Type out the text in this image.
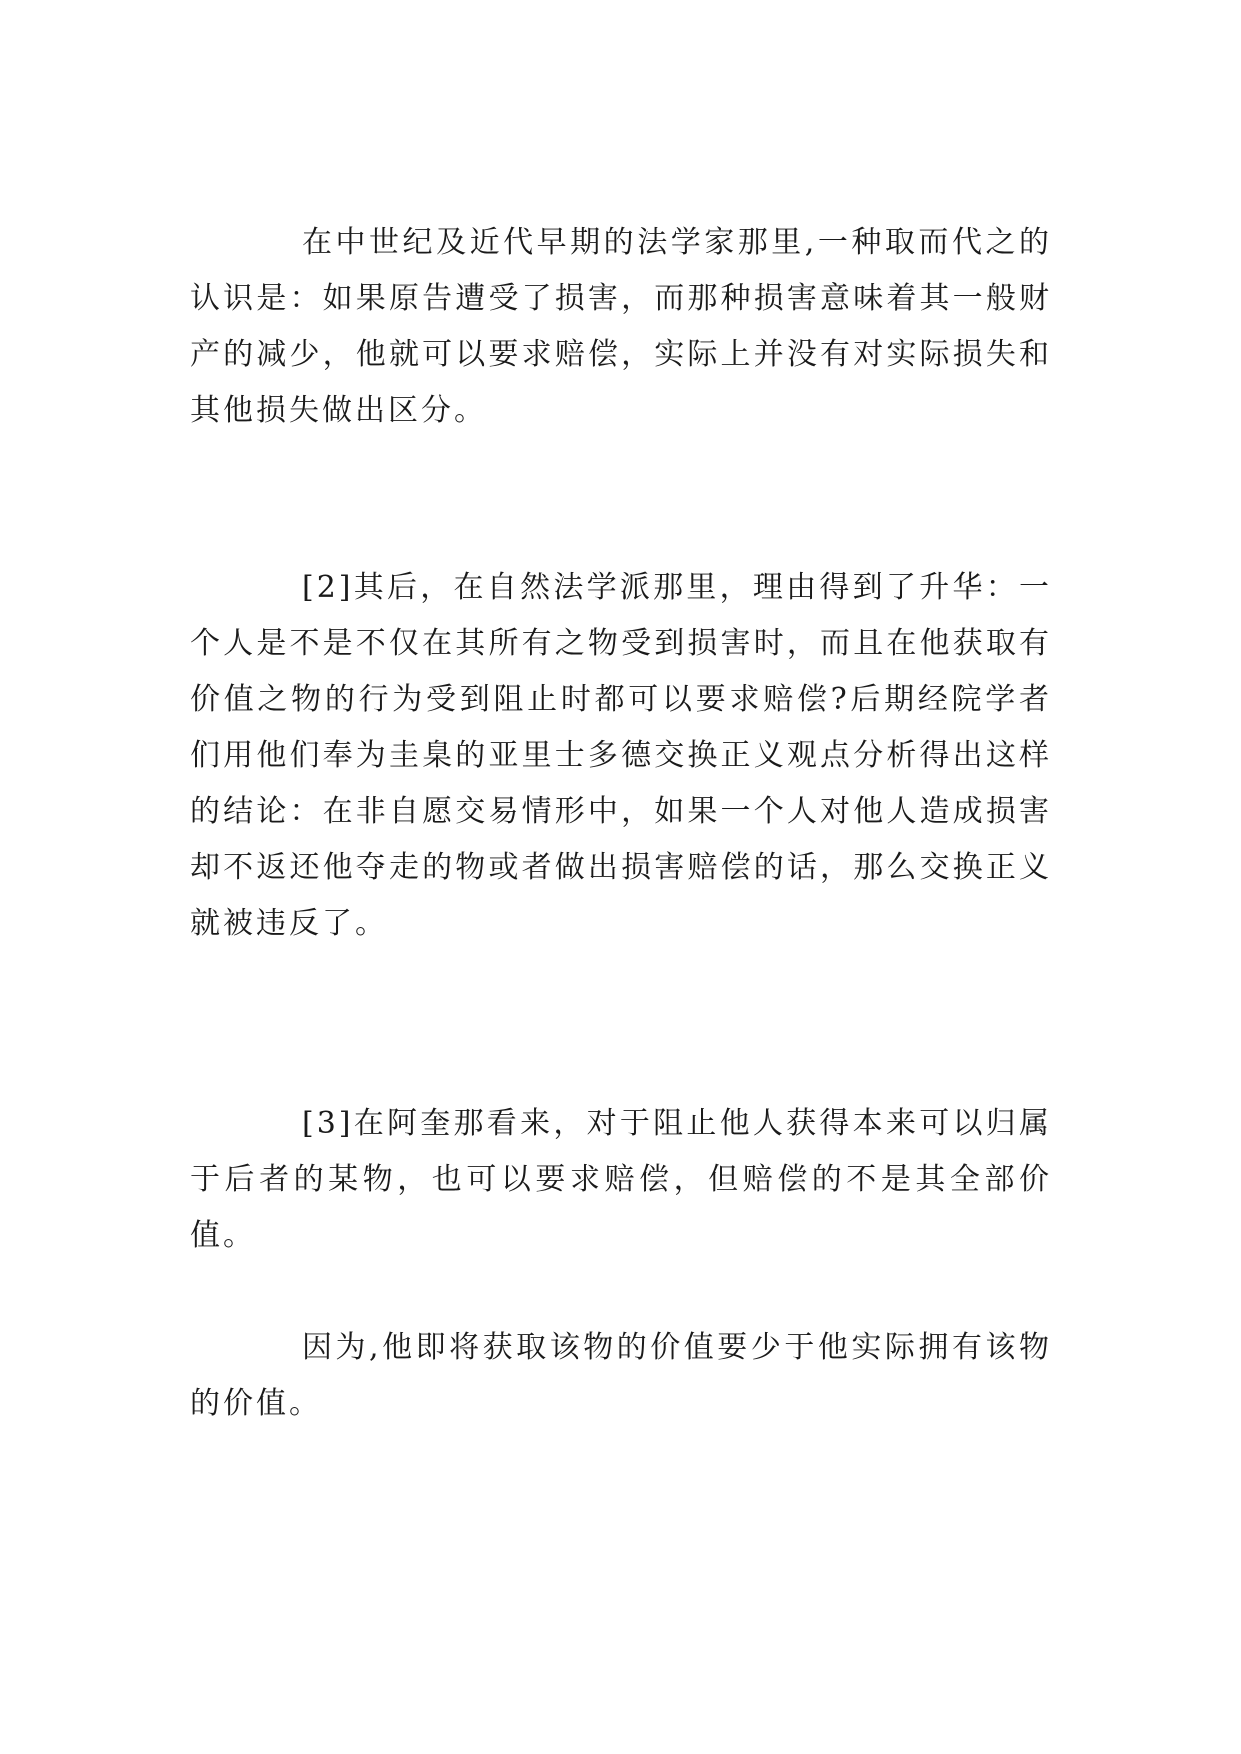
在中世纪及近代早期的法学家那里,一种取而代之的认识是：如果原告遭受了损害，而那种损害意味着其一般财产的减少，他就可以要求赔偿，实际上并没有对实际损失和其他损失做出区分。

[2]其后，在自然法学派那里，理由得到了升华：一个人是不是不仅在其所有之物受到损害时，而且在他获取有价值之物的行为受到阻止时都可以要求赔偿?后期经院学者们用他们奉为圭臬的亚里士多德交换正义观点分析得出这样的结论：在非自愿交易情形中，如果一个人对他人造成损害却不返还他夺走的物或者做出损害赔偿的话，那么交换正义就被违反了。

[3]在阿奎那看来，对于阻止他人获得本来可以归属于后者的某物，也可以要求赔偿，但赔偿的不是其全部价值。

因为,他即将获取该物的价值要少于他实际拥有该物的价值。
